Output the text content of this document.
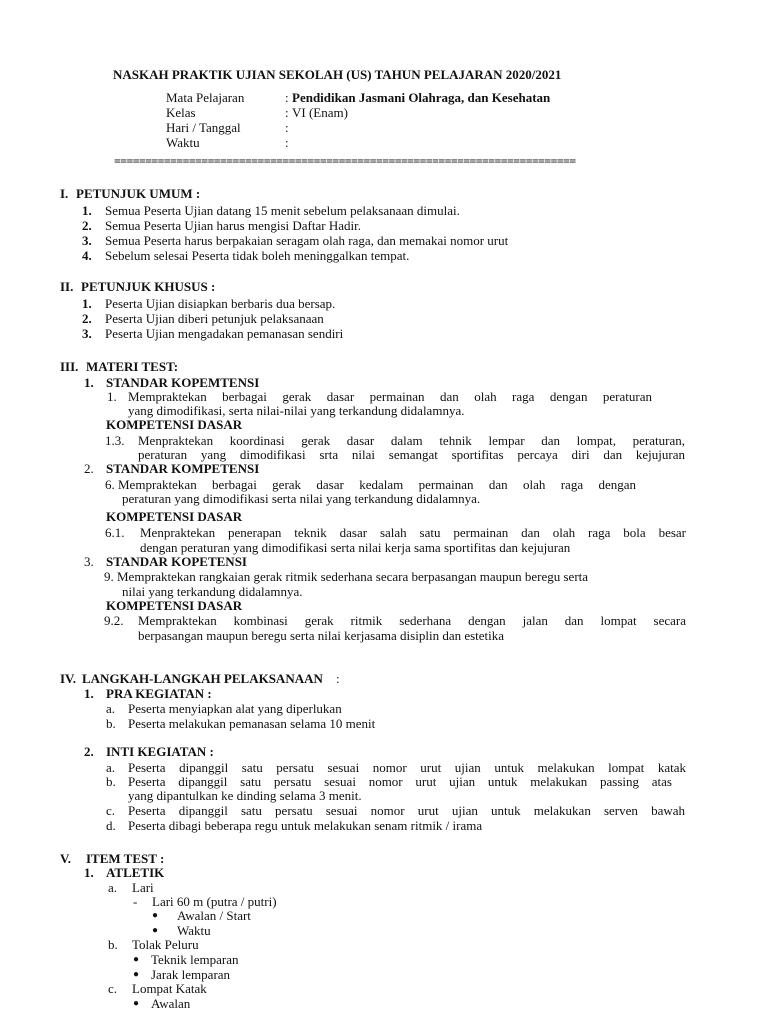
NASKAH PRAKTIK UJIAN SEKOLAH (US) TAHUN PELAJARAN 2020/2021
Mata Pelajaran	: Pendidikan Jasmani Olahraga, dan Kesehatan
Kelas	: VI (Enam)
Hari / Tanggal	:
Waktu	:
==========================================================================
I. PETUNJUK UMUM :
1. Semua Peserta Ujian datang 15 menit sebelum pelaksanaan dimulai.
2. Semua Peserta Ujian harus mengisi Daftar Hadir.
3. Semua Peserta harus berpakaian seragam olah raga, dan memakai nomor urut
4. Sebelum selesai Peserta tidak boleh meninggalkan tempat.
II. PETUNJUK KHUSUS :
1. Peserta Ujian disiapkan berbaris dua bersap.
2. Peserta Ujian diberi petunjuk pelaksanaan
3. Peserta Ujian mengadakan pemanasan sendiri
III. MATERI TEST:
1. STANDAR KOPEMTENSI
1. Mempraktekan berbagai gerak dasar permainan dan olah raga dengan peraturan
yang dimodifikasi, serta nilai-nilai yang terkandung didalamnya.
KOMPETENSI DASAR
1.3. Menpraktekan koordinasi gerak dasar dalam tehnik lempar dan lompat, peraturan,
peraturan yang dimodifikasi srta nilai semangat sportifitas percaya diri dan kejujuran
2. STANDAR KOMPETENSI
6. Mempraktekan berbagai gerak dasar kedalam permainan dan olah raga dengan
peraturan yang dimodifikasi serta nilai yang terkandung didalamnya.
KOMPETENSI DASAR
6.1. Menpraktekan penerapan teknik dasar salah satu permainan dan olah raga bola besar
dengan peraturan yang dimodifikasi serta nilai kerja sama sportifitas dan kejujuran
3. STANDAR KOPETENSI
9. Mempraktekan rangkaian gerak ritmik sederhana secara berpasangan maupun beregu serta
nilai yang terkandung didalamnya.
KOMPETENSI DASAR
9.2. Mempraktekan kombinasi gerak ritmik sederhana dengan jalan dan lompat secara
berpasangan maupun beregu serta nilai kerjasama disiplin dan estetika
IV. LANGKAH-LANGKAH PELAKSANAAN :
1. PRA KEGIATAN :
a. Peserta menyiapkan alat yang diperlukan
b. Peserta melakukan pemanasan selama 10 menit
2. INTI KEGIATAN :
a. Peserta dipanggil satu persatu sesuai nomor urut ujian untuk melakukan lompat katak
b. Peserta dipanggil satu persatu sesuai nomor urut ujian untuk melakukan passing atas
yang dipantulkan ke dinding selama 3 menit.
c. Peserta dipanggil satu persatu sesuai nomor urut ujian untuk melakukan serven bawah
d. Peserta dibagi beberapa regu untuk melakukan senam ritmik / irama
V. ITEM TEST :
1. ATLETIK
a. Lari
- Lari 60 m (putra / putri)
● Awalan / Start
● Waktu
b. Tolak Peluru
● Teknik lemparan
● Jarak lemparan
c. Lompat Katak
● Awalan
